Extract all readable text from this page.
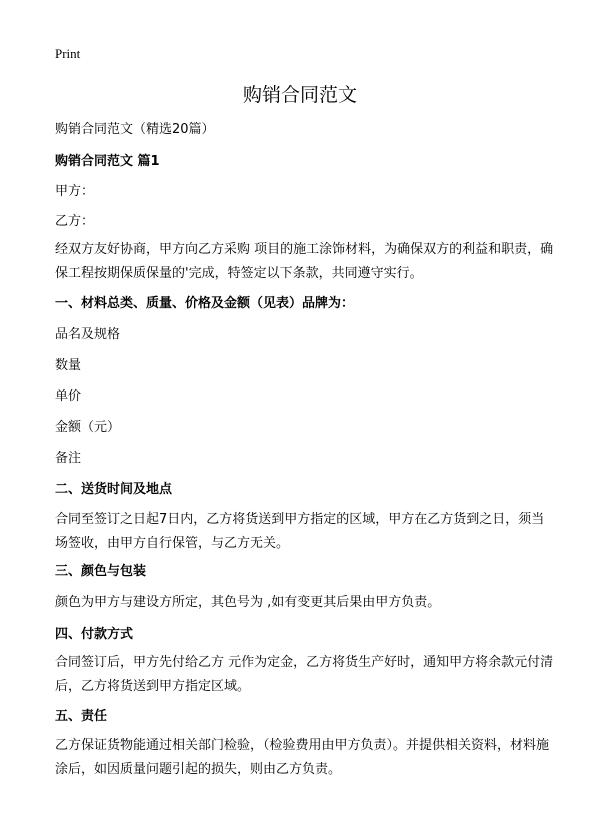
Print
购销合同范文
购销合同范文（精选20篇）
购销合同范文 篇1
甲方：
乙方：
经双方友好协商，甲方向乙方采购 项目的施工涂饰材料，为确保双方的利益和职责，确保工程按期保质保量的'完成，特签定以下条款，共同遵守实行。
一、材料总类、质量、价格及金额（见表）品牌为：
品名及规格
数量
单价
金额（元）
备注
二、送货时间及地点
合同至签订之日起7日内，乙方将货送到甲方指定的区域，甲方在乙方货到之日，须当场签收，由甲方自行保管，与乙方无关。
三、颜色与包装
颜色为甲方与建设方所定，其色号为 ,如有变更其后果由甲方负责。
四、付款方式
合同签订后，甲方先付给乙方 元作为定金，乙方将货生产好时，通知甲方将余款元付清后，乙方将货送到甲方指定区域。
五、责任
乙方保证货物能通过相关部门检验，（检验费用由甲方负责）。并提供相关资料，材料施涂后，如因质量问题引起的损失，则由乙方负责。
